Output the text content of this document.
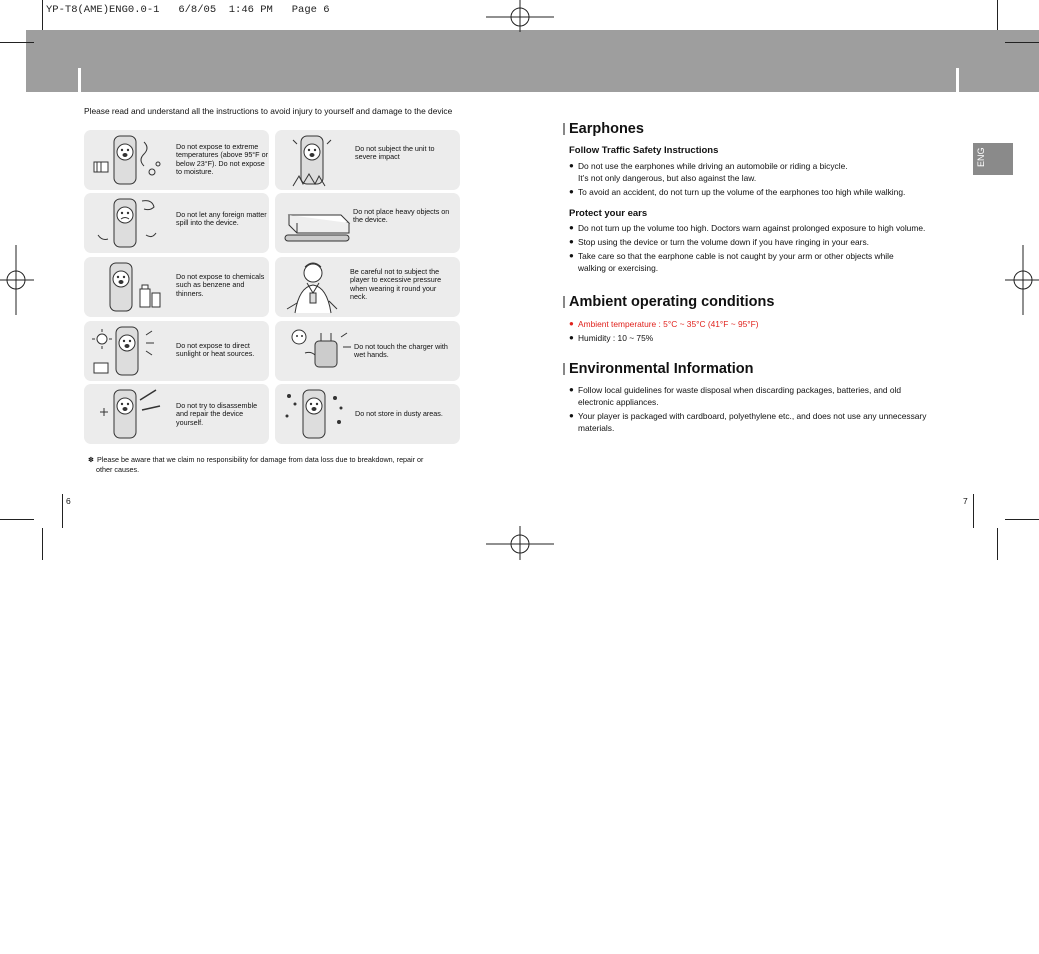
YP-T8(AME)ENG0.0-1   6/8/05  1:46 PM   Page 6
Please read and understand all the instructions to avoid injury to yourself and damage to the device
Do not expose to extreme temperatures (above 95°F or below 23°F). Do not expose to moisture.
Do not let any foreign matter spill into the device.
Do not expose to chemicals such as benzene and thinners.
Do not expose to direct sunlight or heat sources.
Do not try to disassemble and repair the device yourself.
Do not subject the unit to severe impact
Do not place heavy objects on the device.
Be careful not to subject the player to excessive pressure when wearing it round your neck.
Do not touch the charger with wet hands.
Do not store in dusty areas.
✽ Please be aware that we claim no responsibility for damage from data loss due to breakdown, repair or
other causes.
6	7
ENG
Earphones
Follow Traffic Safety Instructions
● Do not use the earphones while driving an automobile or riding a bicycle.
It’s not only dangerous, but also against the law.
● To avoid an accident, do not turn up the volume of the earphones too high while walking.
Protect your ears
● Do not turn up the volume too high. Doctors warn against prolonged exposure to high volume.
● Stop using the device or turn the volume down if you have ringing in your ears.
● Take care so that the earphone cable is not caught by your arm or other objects while
walking or exercising.
Ambient operating conditions
● Ambient temperature : 5°C ~ 35°C (41°F ~ 95°F)
● Humidity : 10 ~ 75%
Environmental Information
● Follow local guidelines for waste disposal when discarding packages, batteries, and old
electronic appliances.
● Your player is packaged with cardboard, polyethylene etc., and does not use any unnecessary
materials.
